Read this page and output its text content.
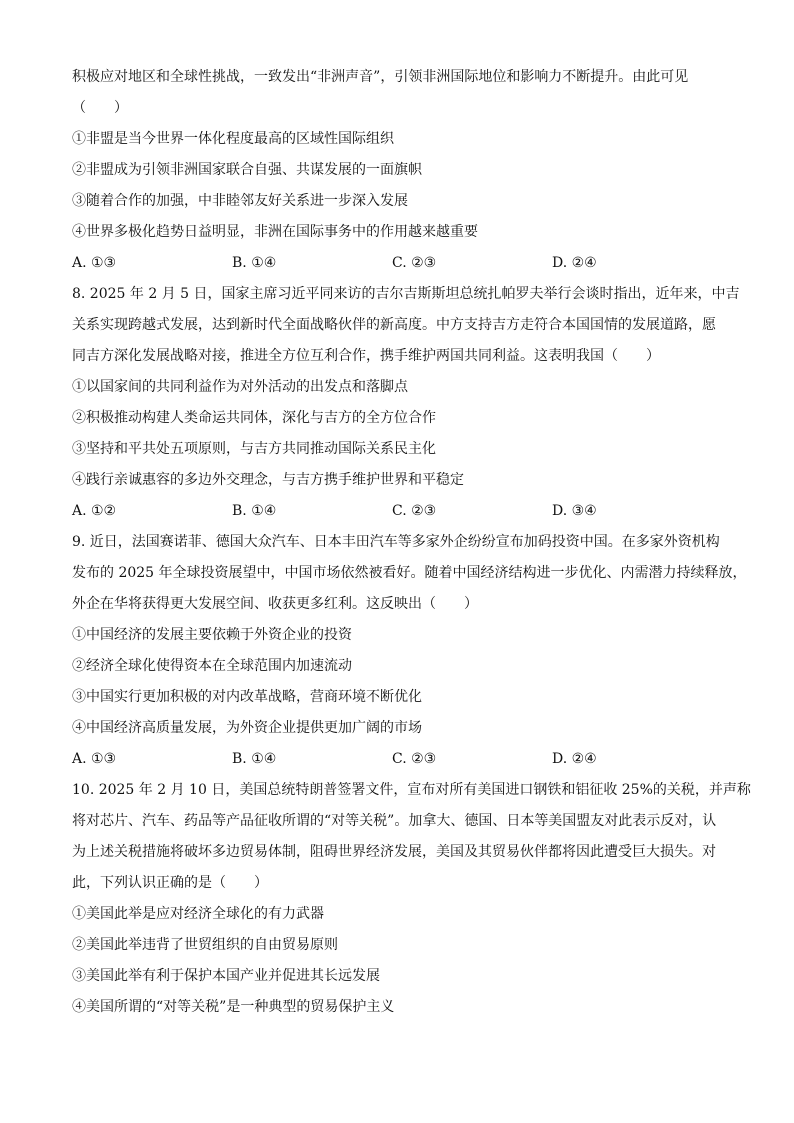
积极应对地区和全球性挑战，一致发出“非洲声音”，引领非洲国际地位和影响力不断提升。由此可见
（　　）
①非盟是当今世界一体化程度最高的区域性国际组织
②非盟成为引领非洲国家联合自强、共谋发展的一面旗帜
③随着合作的加强，中非睦邻友好关系进一步深入发展
④世界多极化趋势日益明显，非洲在国际事务中的作用越来越重要
A. ①③	B. ①④	C. ②③	D. ②④
8. 2025 年 2 月 5 日，国家主席习近平同来访的吉尔吉斯斯坦总统扎帕罗夫举行会谈时指出，近年来，中吉
关系实现跨越式发展，达到新时代全面战略伙伴的新高度。中方支持吉方走符合本国国情的发展道路，愿
同吉方深化发展战略对接，推进全方位互利合作，携手维护两国共同利益。这表明我国（　　）
①以国家间的共同利益作为对外活动的出发点和落脚点
②积极推动构建人类命运共同体，深化与吉方的全方位合作
③坚持和平共处五项原则，与吉方共同推动国际关系民主化
④践行亲诚惠容的多边外交理念，与吉方携手维护世界和平稳定
A. ①②	B. ①④	C. ②③	D. ③④
9. 近日，法国赛诺菲、德国大众汽车、日本丰田汽车等多家外企纷纷宣布加码投资中国。在多家外资机构
发布的 2025 年全球投资展望中，中国市场依然被看好。随着中国经济结构进一步优化、内需潜力持续释放，
外企在华将获得更大发展空间、收获更多红利。这反映出（　　）
①中国经济的发展主要依赖于外资企业的投资
②经济全球化使得资本在全球范围内加速流动
③中国实行更加积极的对内改革战略，营商环境不断优化
④中国经济高质量发展，为外资企业提供更加广阔的市场
A. ①③	B. ①④	C. ②③	D. ②④
10. 2025 年 2 月 10 日，美国总统特朗普签署文件，宣布对所有美国进口钢铁和铝征收 25%的关税，并声称
将对芯片、汽车、药品等产品征收所谓的“对等关税”。加拿大、德国、日本等美国盟友对此表示反对，认
为上述关税措施将破坏多边贸易体制，阻碍世界经济发展，美国及其贸易伙伴都将因此遭受巨大损失。对
此，下列认识正确的是（　　）
①美国此举是应对经济全球化的有力武器
②美国此举违背了世贸组织的自由贸易原则
③美国此举有利于保护本国产业并促进其长远发展
④美国所谓的“对等关税”是一种典型的贸易保护主义
